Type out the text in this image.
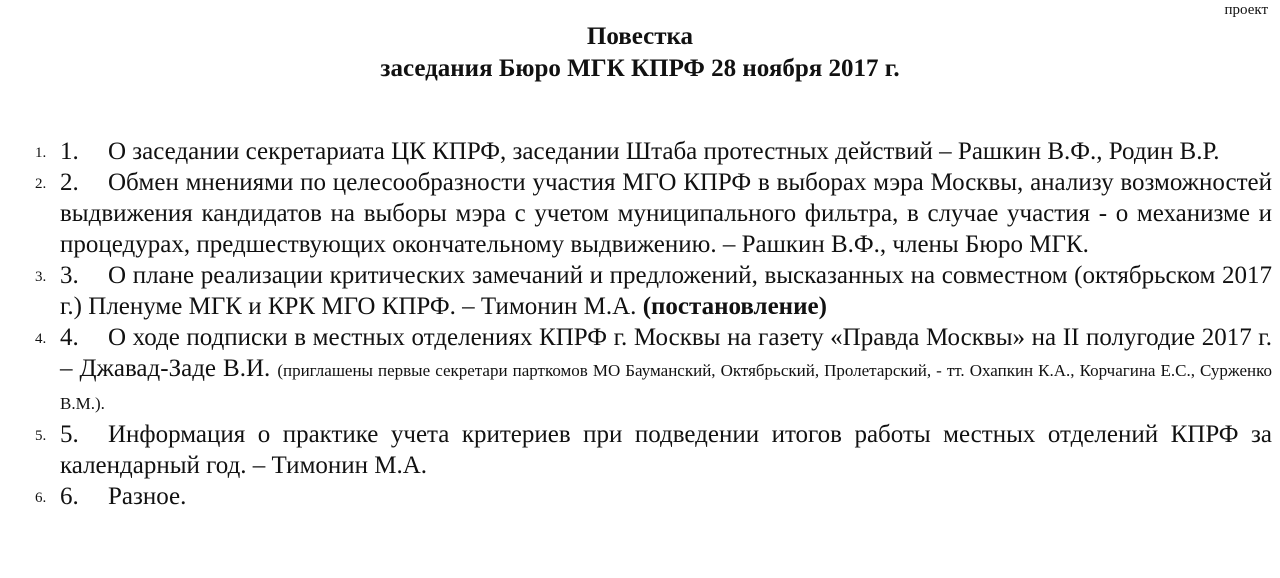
проект
Повестка
заседания Бюро МГК КПРФ 28 ноября 2017 г.
1. 1. О заседании секретариата ЦК КПРФ, заседании Штаба протестных действий – Рашкин В.Ф., Родин В.Р.
2. 2. Обмен мнениями по целесообразности участия МГО КПРФ в выборах мэра Москвы, анализу возможностей выдвижения кандидатов на выборы мэра с учетом муниципального фильтра, в случае участия - о механизме и процедурах, предшествующих окончательному выдвижению. – Рашкин В.Ф., члены Бюро МГК.
3. 3. О плане реализации критических замечаний и предложений, высказанных на совместном (октябрьском 2017 г.) Пленуме МГК и КРК МГО КПРФ. – Тимонин М.А. (постановление)
4. 4. О ходе подписки в местных отделениях КПРФ г. Москвы на газету «Правда Москвы» на II полугодие 2017 г. – Джавад-Заде В.И. (приглашены первые секретари парткомов МО Бауманский, Октябрьский, Пролетарский, - тт. Охапкин К.А., Корчагина Е.С., Сурженко В.М.).
5. 5. Информация о практике учета критериев при подведении итогов работы местных отделений КПРФ за календарный год. – Тимонин М.А.
6. 6. Разное.
